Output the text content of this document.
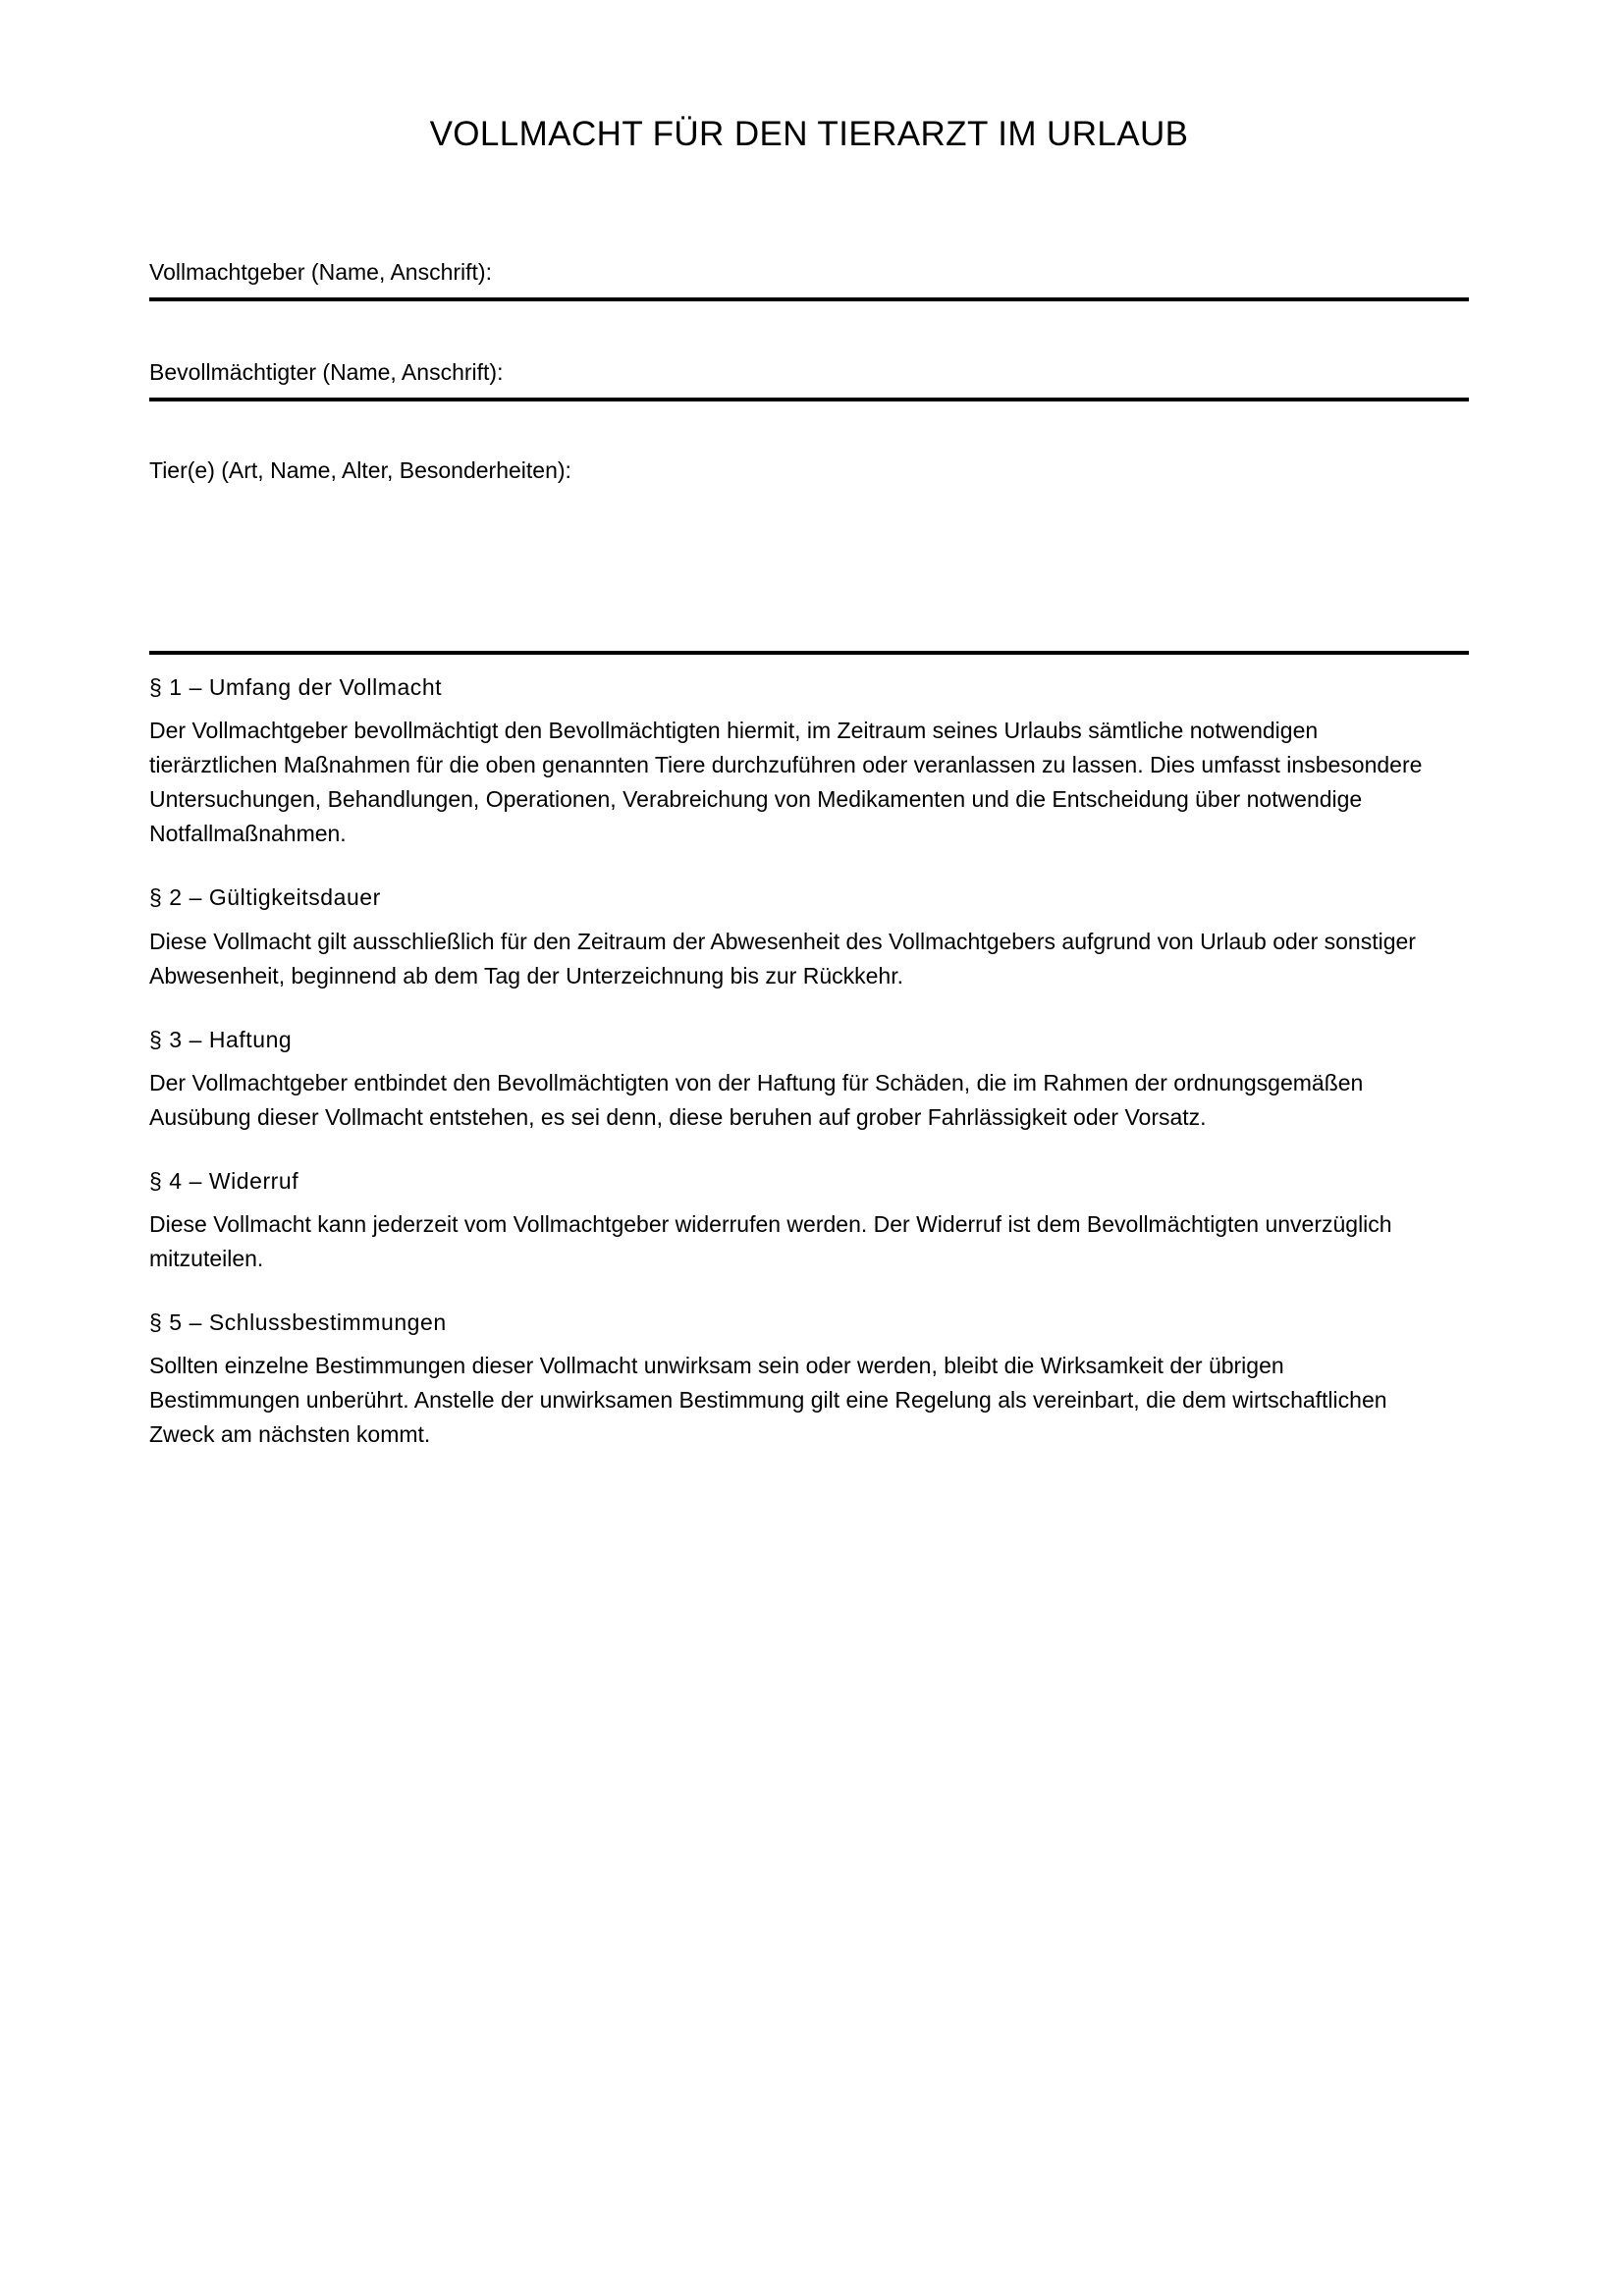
VOLLMACHT FÜR DEN TIERARZT IM URLAUB
Vollmachtgeber (Name, Anschrift):
Bevollmächtigter (Name, Anschrift):
Tier(e) (Art, Name, Alter, Besonderheiten):
§ 1 – Umfang der Vollmacht

Der Vollmachtgeber bevollmächtigt den Bevollmächtigten hiermit, im Zeitraum seines Urlaubs sämtliche notwendigen tierärztlichen Maßnahmen für die oben genannten Tiere durchzuführen oder veranlassen zu lassen. Dies umfasst insbesondere Untersuchungen, Behandlungen, Operationen, Verabreichung von Medikamenten und die Entscheidung über notwendige Notfallmaßnahmen.

§ 2 – Gültigkeitsdauer

Diese Vollmacht gilt ausschließlich für den Zeitraum der Abwesenheit des Vollmachtgebers aufgrund von Urlaub oder sonstiger Abwesenheit, beginnend ab dem Tag der Unterzeichnung bis zur Rückkehr.

§ 3 – Haftung

Der Vollmachtgeber entbindet den Bevollmächtigten von der Haftung für Schäden, die im Rahmen der ordnungsgemäßen Ausübung dieser Vollmacht entstehen, es sei denn, diese beruhen auf grober Fahrlässigkeit oder Vorsatz.

§ 4 – Widerruf

Diese Vollmacht kann jederzeit vom Vollmachtgeber widerrufen werden. Der Widerruf ist dem Bevollmächtigten unverzüglich mitzuteilen.

§ 5 – Schlussbestimmungen

Sollten einzelne Bestimmungen dieser Vollmacht unwirksam sein oder werden, bleibt die Wirksamkeit der übrigen Bestimmungen unberührt. Anstelle der unwirksamen Bestimmung gilt eine Regelung als vereinbart, die dem wirtschaftlichen Zweck am nächsten kommt.
